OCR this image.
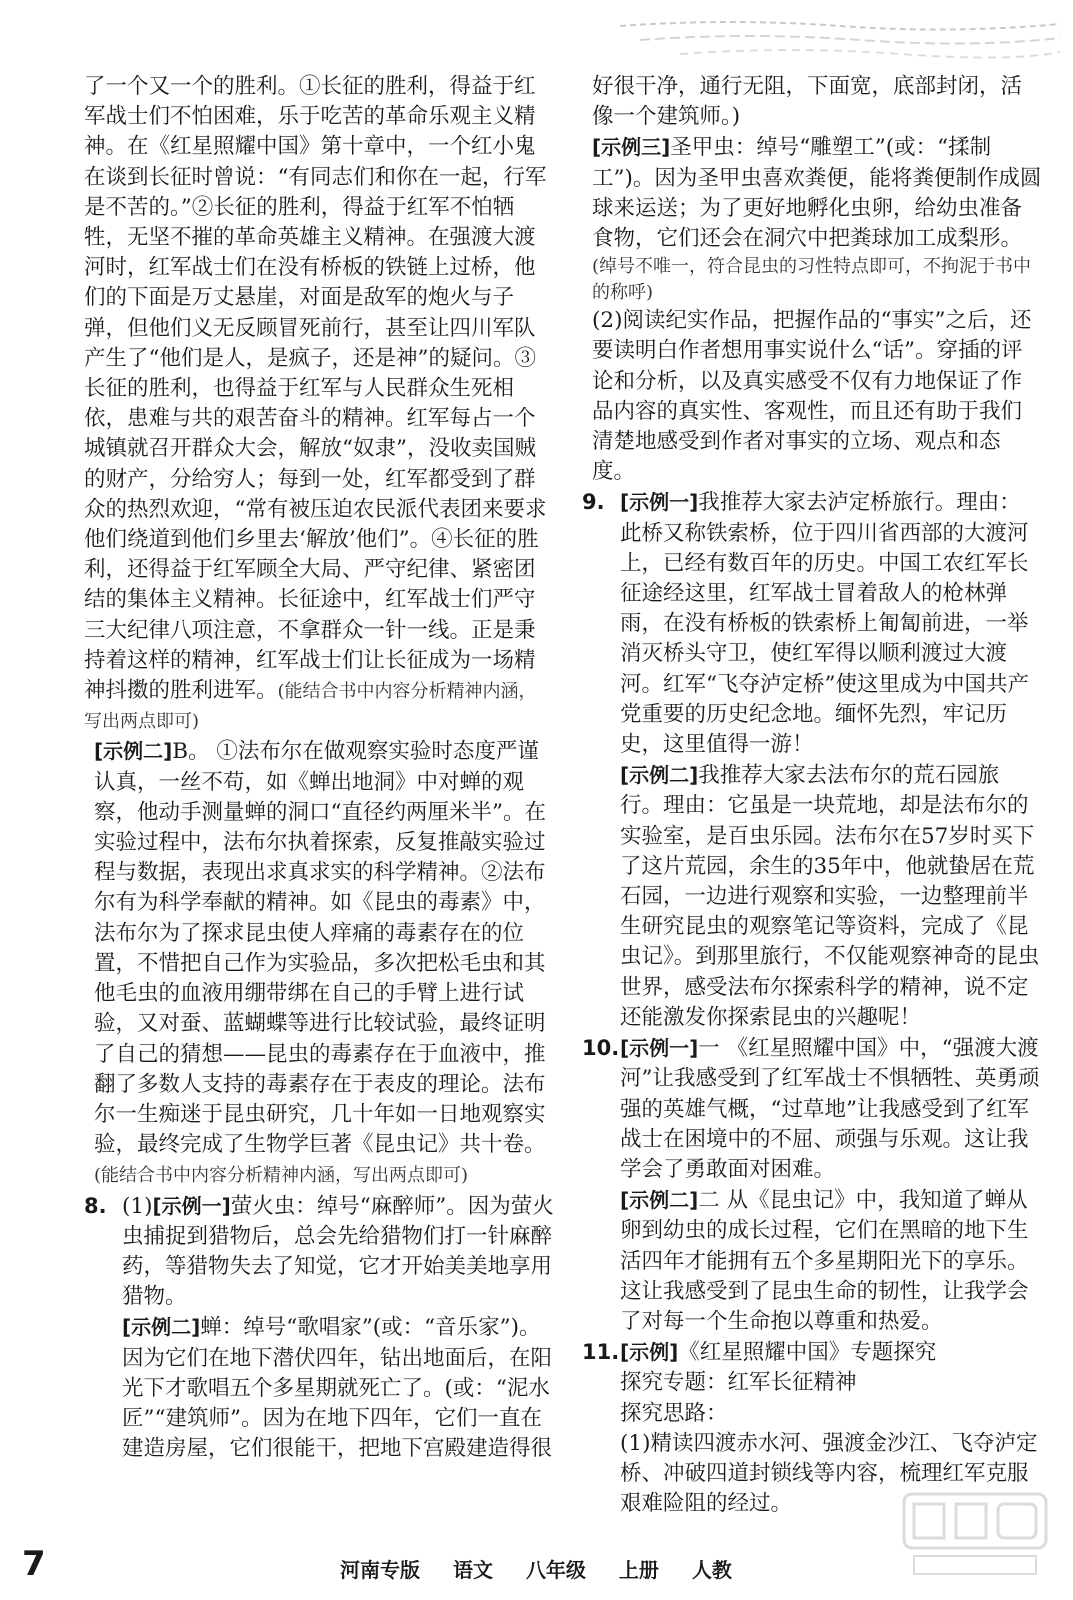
了一个又一个的胜利。①长征的胜利，得益于红军战士们不怕困难，乐于吃苦的革命乐观主义精神。在《红星照耀中国》第十章中，一个红小鬼在谈到长征时曾说：“有同志们和你在一起，行军是不苦的。”②长征的胜利，得益于红军不怕牺牲，无坚不摧的革命英雄主义精神。在强渡大渡河时，红军战士们在没有桥板的铁链上过桥，他们的下面是万丈悬崖，对面是敌军的炮火与子弹，但他们义无反顾冒死前行，甚至让四川军队产生了“他们是人，是疯子，还是神”的疑问。③长征的胜利，也得益于红军与人民群众生死相依，患难与共的艰苦奋斗的精神。红军每占一个城镇就召开群众大会，解放“奴隶”，没收卖国贼的财产，分给穷人；每到一处，红军都受到了群众的热烈欢迎，“常有被压迫农民派代表团来要求他们绕道到他们乡里去‘解放’他们”。④长征的胜利，还得益于红军顾全大局、严守纪律、紧密团结的集体主义精神。长征途中，红军战士们严守三大纪律八项注意，不拿群众一针一线。正是秉持着这样的精神，红军战士们让长征成为一场精神抖擞的胜利进军。(能结合书中内容分析精神内涵，写出两点即可)

[示例二]B。 ①法布尔在做观察实验时态度严谨认真，一丝不苟，如《蝉出地洞》中对蝉的观察，他动手测量蝉的洞口“直径约两厘米半”。在实验过程中，法布尔执着探索，反复推敲实验过程与数据，表现出求真求实的科学精神。②法布尔有为科学奉献的精神。如《昆虫的毒素》中，法布尔为了探求昆虫使人痒痛的毒素存在的位置，不惜把自己作为实验品，多次把松毛虫和其他毛虫的血液用绷带绑在自己的手臂上进行试验，又对蚕、蓝蝴蝶等进行比较试验，最终证明了自己的猜想——昆虫的毒素存在于血液中，推翻了多数人支持的毒素存在于表皮的理论。法布尔一生痴迷于昆虫研究，几十年如一日地观察实验，最终完成了生物学巨著《昆虫记》共十卷。(能结合书中内容分析精神内涵，写出两点即可)

8. (1)[示例一]萤火虫：绰号“麻醉师”。因为萤火虫捕捉到猎物后，总会先给猎物们打一针麻醉药，等猎物失去了知觉，它才开始美美地享用猎物。

[示例二]蝉：绰号“歌唱家”(或：“音乐家”)。因为它们在地下潜伏四年，钻出地面后，在阳光下才歌唱五个多星期就死亡了。(或：“泥水匠”“建筑师”。因为在地下四年，它们一直在建造房屋，它们很能干，把地下宫殿建造得很

好很干净，通行无阻，下面宽，底部封闭，活像一个建筑师。)

[示例三]圣甲虫：绰号“雕塑工”(或：“揉制工”)。因为圣甲虫喜欢粪便，能将粪便制作成圆球来运送；为了更好地孵化虫卵，给幼虫准备食物，它们还会在洞穴中把粪球加工成梨形。

(绰号不唯一，符合昆虫的习性特点即可，不拘泥于书中的称呼)

(2)阅读纪实作品，把握作品的“事实”之后，还要读明白作者想用事实说什么“话”。穿插的评论和分析，以及真实感受不仅有力地保证了作品内容的真实性、客观性，而且还有助于我们清楚地感受到作者对事实的立场、观点和态度。

9. [示例一]我推荐大家去泸定桥旅行。理由：此桥又称铁索桥，位于四川省西部的大渡河上，已经有数百年的历史。中国工农红军长征途经这里，红军战士冒着敌人的枪林弹雨，在没有桥板的铁索桥上匍匐前进，一举消灭桥头守卫，使红军得以顺利渡过大渡河。红军“飞夺泸定桥”使这里成为中国共产党重要的历史纪念地。缅怀先烈，牢记历史，这里值得一游！

[示例二]我推荐大家去法布尔的荒石园旅行。理由：它虽是一块荒地，却是法布尔的实验室，是百虫乐园。法布尔在57岁时买下了这片荒园，余生的35年中，他就蛰居在荒石园，一边进行观察和实验，一边整理前半生研究昆虫的观察笔记等资料，完成了《昆虫记》。到那里旅行，不仅能观察神奇的昆虫世界，感受法布尔探索科学的精神，说不定还能激发你探索昆虫的兴趣呢！

10. [示例一]一 《红星照耀中国》中，“强渡大渡河”让我感受到了红军战士不惧牺牲、英勇顽强的英雄气概，“过草地”让我感受到了红军战士在困境中的不屈、顽强与乐观。这让我学会了勇敢面对困难。

[示例二]二 从《昆虫记》中，我知道了蝉从卵到幼虫的成长过程，它们在黑暗的地下生活四年才能拥有五个多星期阳光下的享乐。这让我感受到了昆虫生命的韧性，让我学会了对每一个生命抱以尊重和热爱。

11. [示例]《红星照耀中国》专题探究

探究专题：红军长征精神

探究思路：

(1)精读四渡赤水河、强渡金沙江、飞夺泸定桥、冲破四道封锁线等内容，梳理红军克服艰难险阻的经过。

7	河南专版 语文 八年级 上册 人教
